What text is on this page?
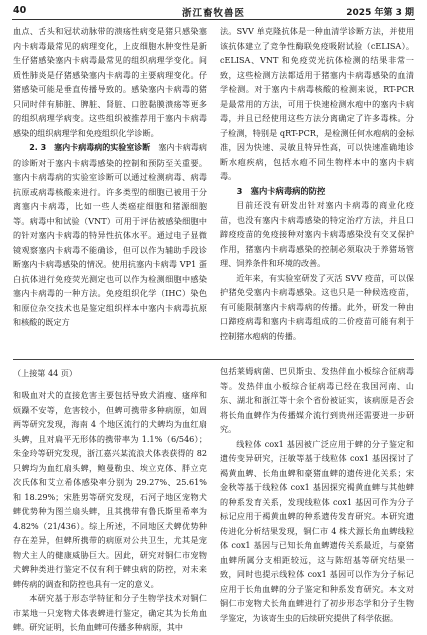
40	浙江畜牧兽医	2025 年第 3 期

血点、舌头和冠状动脉带的溃疡性病变是猪只感染塞内卡病毒最常见的病理变化，上皮细胞水肿变性是新生仔猪感染塞内卡病毒最常见的组织病理学变化。间质性肺炎是仔猪感染塞内卡病毒的主要病理变化。仔猪感染可能是垂直传播导致的。感染塞内卡病毒的猪只同时伴有肺脏、脾脏、肾脏、口腔黏膜溃疡等更多的组织病理学病变。这些组织被推荐用于塞内卡病毒感染的组织病理学和免疫组织化学诊断。

2. 3　塞内卡病毒病的实验室诊断　塞内卡病毒病的诊断对于塞内卡病毒感染的控制和预防至关重要。塞内卡病毒病的实验室诊断可以通过检测病毒、病毒抗原或病毒核酸来进行。许多类型的细胞已被用于分离塞内卡病毒，比如一些人类癌症细胞和猪源细胞等。病毒中和试验（VNT）可用于评估被感染细胞中的针对塞内卡病毒的特异性抗体水平。通过电子显微镜观察塞内卡病毒不能确诊，但可以作为辅助手段诊断塞内卡病毒感染的情况。使用抗塞内卡病毒 VP1 蛋白抗体进行免疫荧光测定也可以作为检测细胞中感染塞内卡病毒的一种方法。免疫组织化学（IHC）染色和原位杂交技术也是鉴定组织样本中塞内卡病毒抗原和核酸的既定方

法。SVV 单克隆抗体是一种血清学诊断方法，并使用该抗体建立了竞争性酶联免疫吸附试验（cELISA）。cELISA、VNT 和免疫荧光抗体检测的结果非常一致，这些检测方法都适用于猪塞内卡病毒感染的血清学检测。对于塞内卡病毒核酸的检测来说，RT-PCR 是最常用的方法，可用于快速检测水疱中的塞内卡病毒，并且已经使用这些方法分离确定了许多毒株。分子检测，特别是 qRT-PCR，是检测任何水疱病的金标准，因为快速、灵敏且特异性高，可以快速准确地诊断水疱疾病，包括水疱不同生物样本中的塞内卡病毒。

3　塞内卡病毒病的防控

目前还没有研发出针对塞内卡病毒的商业化疫苗，也没有塞内卡病毒感染的特定治疗方法，并且口蹄疫疫苗的免疫接种对塞内卡病毒感染没有交叉保护作用，猪塞内卡病毒感染的控制必须取决于养猪场管理、饲养条件和环境的改善。

近年来，有实验室研发了灭活 SVV 疫苗，可以保护猪免受塞内卡病毒感染。这也只是一种候选疫苗，有可能限制塞内卡病毒病的传播。此外，研发一种由口蹄疫病毒和塞内卡病毒组成的二价疫苗可能有利于控制猪水疱病的传播。

（上接第 44 页）

和吸血对犬的直接危害主要包括导致犬消瘦、瘙痒和烦躁不安等，危害较小，但蜱可携带多种病原，如周两等研究发现，海南 4 个地区流行的犬蜱均为血红扇头蜱，且对扁平无形体的携带率为 1.1%（6/546）；朱金玲等研究发现，浙江嘉兴某流浪犬体表获得的 82 只蜱均为血红扇头蜱，鲍曼勒虫、埃立克体、胖立克次氏体和艾立希体感染率分别为 29.27%、25.61% 和 18.29%；宋胜男等研究发现，石河子地区宠物犬蜱优势种为图兰扇头蜱，且其携带有鲁氏斯里希率为 4.82%（21/436）。综上所述，不同地区犬蜱优势种存在差异，但蜱所携带的病原对公共卫生，尤其是宠物犬主人的健康威胁巨大。因此，研究对铜仁市宠物犬蜱种类进行鉴定不仅有利于蜱虫病的防控，对未来蜱传病的调查和防控也具有一定的意义。

本研究基于形态学特征和分子生物学技术对铜仁市某地一只宠物犬体表蜱进行鉴定，确定其为长角血蜱。研究证明，长角血蜱可传播多种病原，其中

包括莱姆病菌、巴贝斯虫、发热伴血小板综合征病毒等。发热伴血小板综合征病毒已经在我国河南、山东、湖北和浙江等十余个省份被证实，该病原是否会将长角血蜱作为传播媒介流行到贵州还需要进一步研究。

线粒体 cox1 基因被广泛应用于蜱的分子鉴定和遗传变异研究，汪敏等基于线粒体 cox1 基因探讨了褐黄血蜱、长角血蜱和豪猪血蜱的遗传进化关系；宋金秋等基于线粒体 cox1 基因探究褐黄血蜱与其他蜱的种系发育关系，发现线粒体 cox1 基因可作为分子标记应用于褐黄血蜱的种系遗传发育研究。本研究遗传进化分析结果发现，铜仁市 4 株犬源长角血蜱线粒体 cox1 基因与已知长角血蜱遗传关系最近，与豪猪血蜱所属分支相距较远，这与陈绍基等研究结果一致，同时也提示线粒体 cox1 基因可以作为分子标记应用于长角血蜱的分子鉴定和种系发育研究。本文对铜仁市宠物犬长角血蜱进行了初步形态学和分子生物学鉴定，为该寄生虫的后续研究提供了科学依据。
